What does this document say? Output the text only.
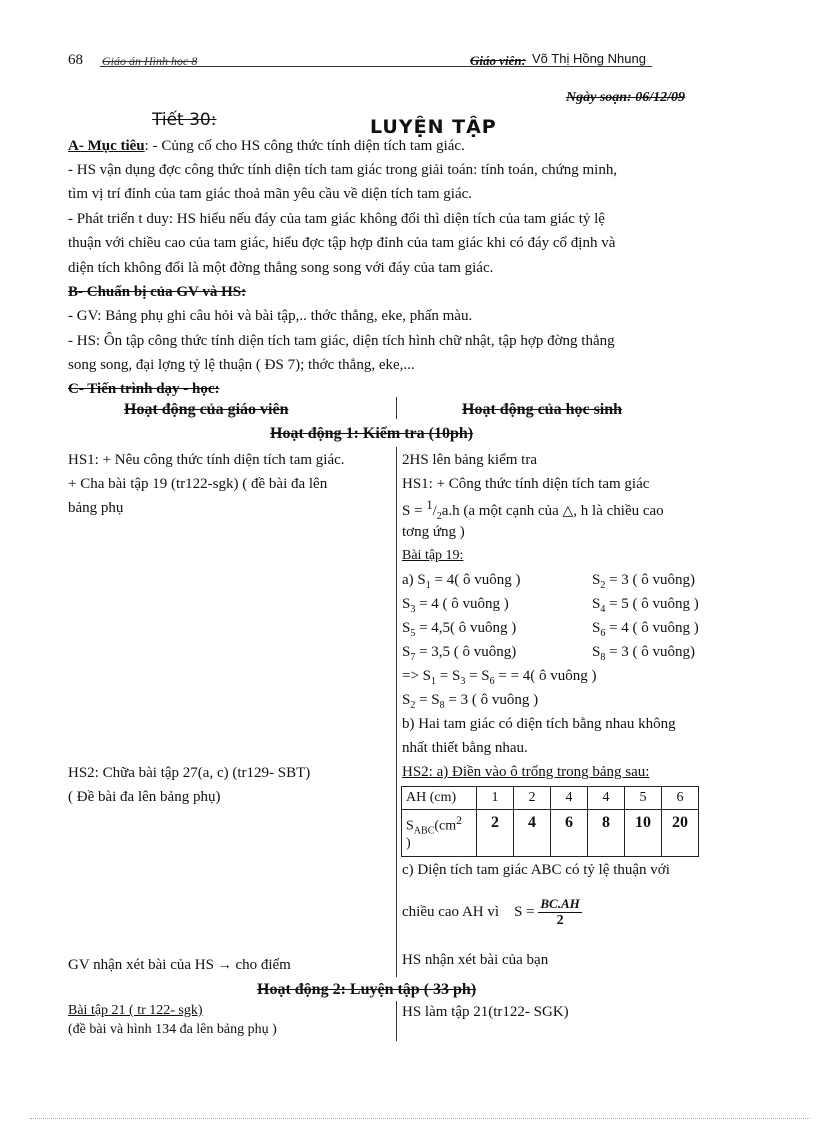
68 Giáo án Hình học 8	Giáo viên: Võ Thị Hồng Nhung
Ngày soạn: 06/12/09
Tiết 30:	LUYỆN TẬP
A- Mục tiêu: - Củng cố cho HS công thức tính diện tích tam giác.
- HS vận dụng đợc công thức tính diện tích tam giác trong giải toán: tính toán, chứng minh,
tìm vị trí đỉnh của tam giác thoả mãn yêu cầu về diện tích tam giác.
- Phát triển t duy: HS hiểu nếu đáy của tam giác không đổi thì diện tích của tam giác tỷ lệ
thuận với chiều cao của tam giác, hiểu đợc tập hợp đỉnh của tam giác khi có đáy cố định và
diện tích không đổi là một đờng thẳng song song với đáy của tam giác.
B- Chuẩn bị của GV và HS:
- GV: Bảng phụ ghi câu hỏi và bài tập,.. thớc thẳng, eke, phấn màu.
- HS: Ôn tập công thức tính diện tích tam giác, diện tích hình chữ nhật, tập hợp đờng thẳng
song song, đại lợng tỷ lệ thuận ( ĐS 7); thớc thẳng, eke,...
C- Tiến trình dạy - học:
Hoạt động của giáo viên	Hoạt động của học sinh
Hoạt động 1: Kiểm tra (10ph)
Hoạt động 2: Luyện tập ( 33 ph)
HS1: + Nêu công thức tính diện tích tam giác.
+ Cha bài tập 19 (tr122-sgk) ( đề bài đa lên
bảng phụ
HS2: Chữa bài tập 27(a, c) (tr129- SBT)
( Đề bài đa lên bảng phụ)
GV nhận xét bài của HS → cho điểm
Bài tập 21 ( tr 122- sgk)
(đề bài và hình 134 đa lên bảng phụ )
2HS lên bảng kiểm tra
HS1: + Công thức tính diện tích tam giác
$S = ^1/_2a.h$ (a một cạnh của △, h là chiều cao
tơng ứng )
Bài tập 19:
a) $S_1 = 4$( ô vuông )	$S_2 = 3$ ( ô vuông)
$S_3 = 4$ ( ô vuông )	$S_4 = 5$ ( ô vuông )
$S_5 = 4,5$( ô vuông )	$S_6 = 4$ ( ô vuông )
$S_7 = 3,5$ ( ô vuông)	$S_8 = 3$ ( ô vuông)
=> $S_1 = S_3 = S_6$ = = 4( ô vuông )
$S_2 = S_8 = 3$ ( ô vuông )
b) Hai tam giác có diện tích bằng nhau không
nhất thiết bằng nhau.
HS2: a) Điền vào ô trống trong bảng sau:
AH (cm)	1	2	4	4	5	6
$S_{ABC}(cm^2$
)	2	4	6	8	10	20
c) Diện tích tam giác ABC có tỷ lệ thuận với
chiều cao AH vì $S = \frac{BC.AH}{2}$
HS nhận xét bài của bạn
HS làm tập 21(tr122- SGK)
